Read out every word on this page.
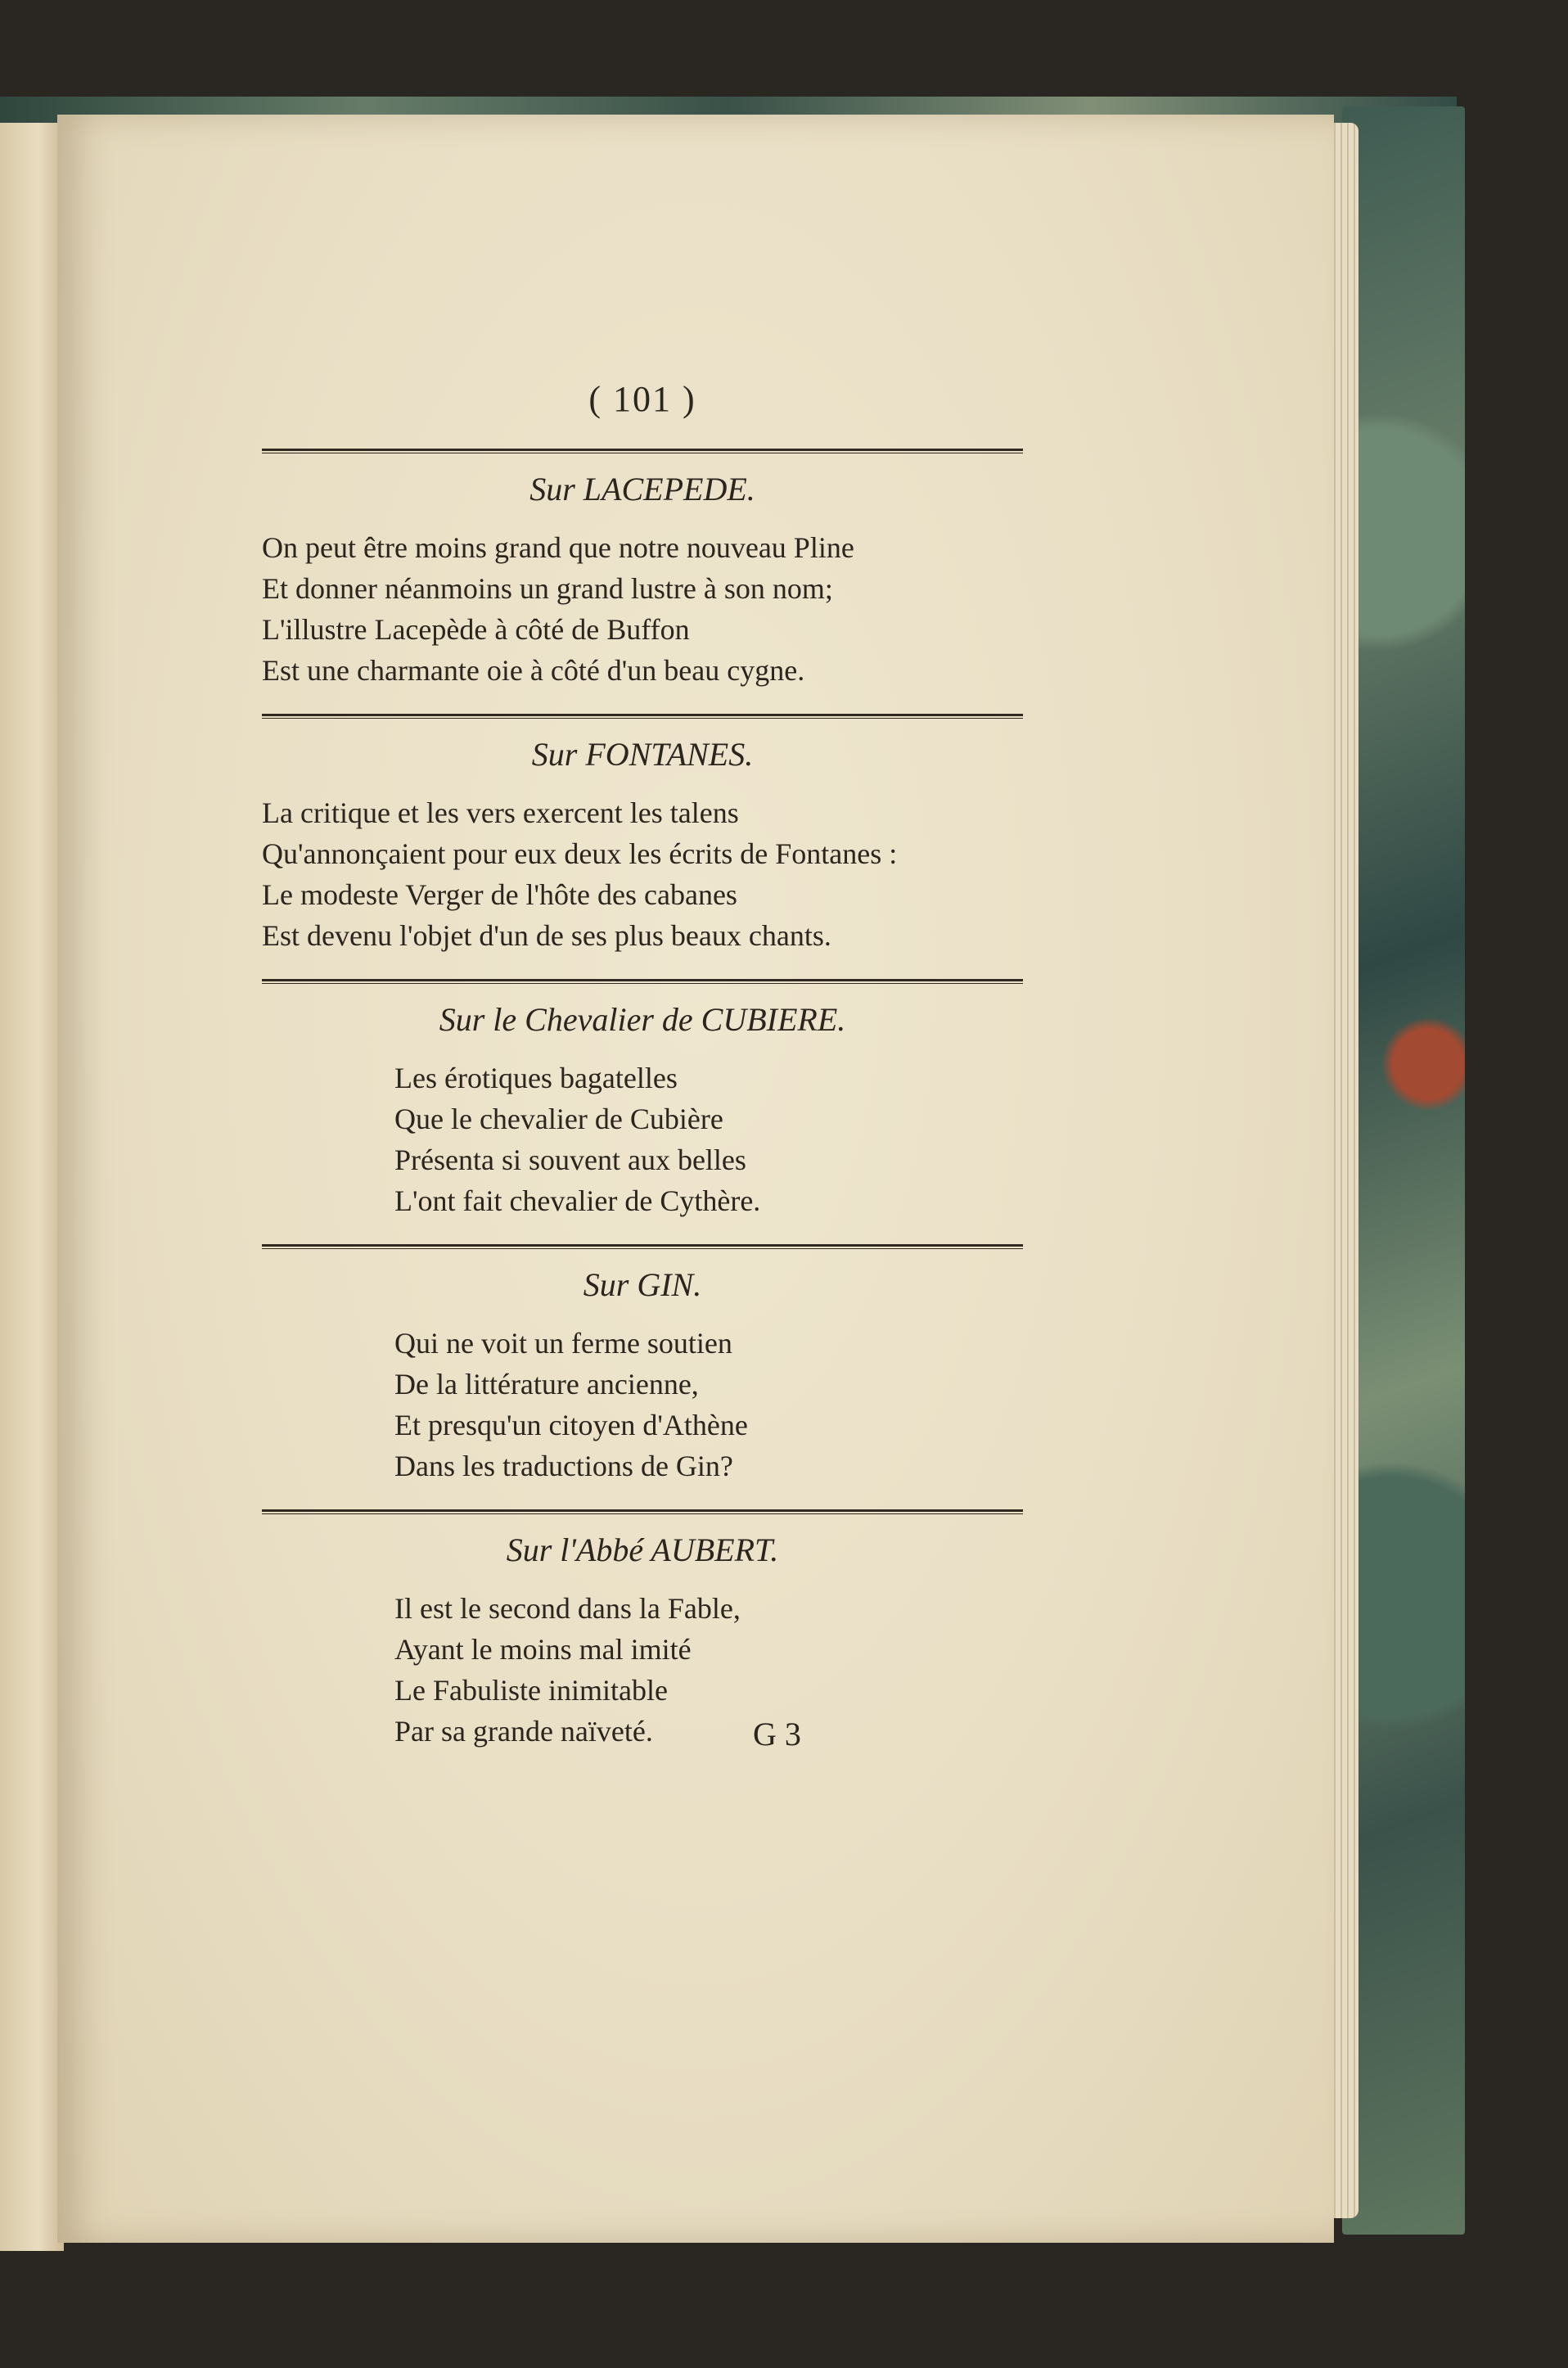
( 101 )
Sur LACEPEDE.
On peut être moins grand que notre nouveau Pline
Et donner néanmoins un grand lustre à son nom;
L'illustre Lacepède à côté de Buffon
Est une charmante oie à côté d'un beau cygne.
Sur FONTANES.
La critique et les vers exercent les talens
Qu'annonçaient pour eux deux les écrits de Fontanes :
Le modeste Verger de l'hôte des cabanes
Est devenu l'objet d'un de ses plus beaux chants.
Sur le Chevalier de CUBIERE.
Les érotiques bagatelles
Que le chevalier de Cubière
Présenta si souvent aux belles
L'ont fait chevalier de Cythère.
Sur GIN.
Qui ne voit un ferme soutien
De la littérature ancienne,
Et presqu'un citoyen d'Athène
Dans les traductions de Gin?
Sur l'Abbé AUBERT.
Il est le second dans la Fable,
Ayant le moins mal imité
Le Fabuliste inimitable
Par sa grande naïveté.	G 3
